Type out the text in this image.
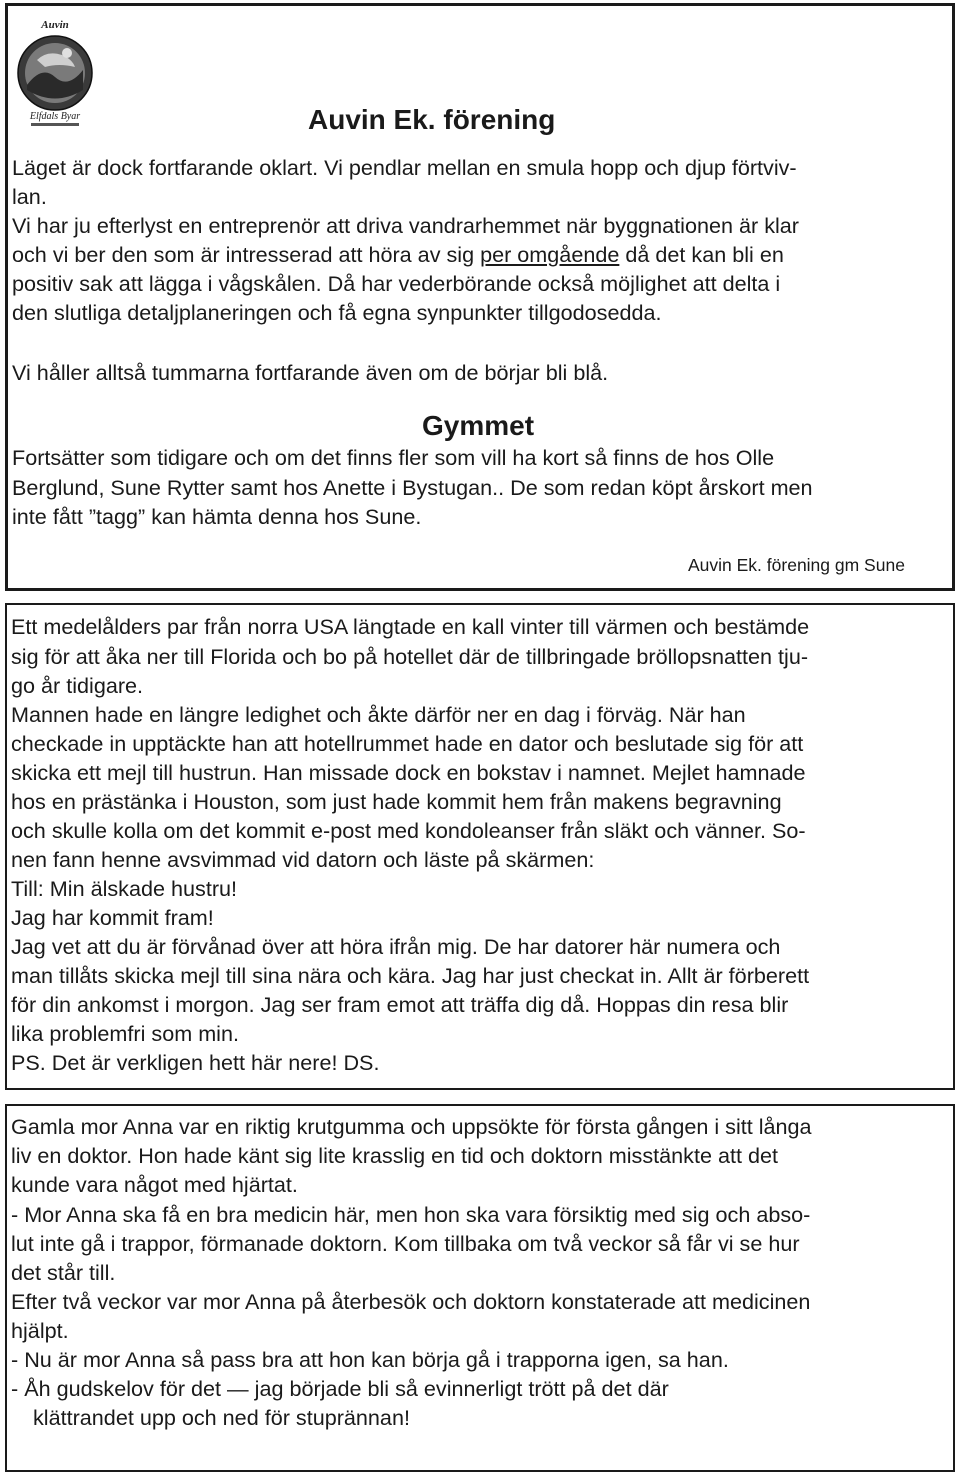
Auvin
Elfdals Byar	Auvin Ek. förening

Läget är dock fortfarande oklart. Vi pendlar mellan en smula hopp och djup förtviv-

lan.

Vi har ju efterlyst en entreprenör att driva vandrarhemmet när byggnationen är klar

och vi ber den som är intresserad att höra av sig per omgående då det kan bli en

positiv sak att lägga i vågskålen. Då har vederbörande också möjlighet att delta i

den slutliga detaljplaneringen och få egna synpunkter tillgodosedda.

Vi håller alltså tummarna fortfarande även om de börjar bli blå.

Gymmet

Fortsätter som tidigare och om det finns fler som vill ha kort så finns de hos Olle

Berglund, Sune Rytter samt hos Anette i Bystugan.. De som redan köpt årskort men

inte fått ”tagg” kan hämta denna hos Sune.

Auvin Ek. förening gm Sune

Ett medelålders par från norra USA längtade en kall vinter till värmen och bestämde

sig för att åka ner till Florida och bo på hotellet där de tillbringade bröllopsnatten tju-

go år tidigare.

Mannen hade en längre ledighet och åkte därför ner en dag i förväg. När han

checkade in upptäckte han att hotellrummet hade en dator och beslutade sig för att

skicka ett mejl till hustrun. Han missade dock en bokstav i namnet. Mejlet hamnade

hos en prästänka i Houston, som just hade kommit hem från makens begravning

och skulle kolla om det kommit e-post med kondoleanser från släkt och vänner. So-

nen fann henne avsvimmad vid datorn och läste på skärmen:

Till: Min älskade hustru!

Jag har kommit fram!

Jag vet att du är förvånad över att höra ifrån mig. De har datorer här numera och

man tillåts skicka mejl till sina nära och kära. Jag har just checkat in. Allt är förberett

för din ankomst i morgon. Jag ser fram emot att träffa dig då. Hoppas din resa blir

lika problemfri som min.

PS. Det är verkligen hett här nere! DS.

Gamla mor Anna var en riktig krutgumma och uppsökte för första gången i sitt långa

liv en doktor. Hon hade känt sig lite krasslig en tid och doktorn misstänkte att det

kunde vara något med hjärtat.

- Mor Anna ska få en bra medicin här, men hon ska vara försiktig med sig och abso-

lut inte gå i trappor, förmanade doktorn. Kom tillbaka om två veckor så får vi se hur

det står till.

Efter två veckor var mor Anna på återbesök och doktorn konstaterade att medicinen

hjälpt.

- Nu är mor Anna så pass bra att hon kan börja gå i trapporna igen, sa han.

- Åh gudskelov för det — jag började bli så evinnerligt trött på det där

klättrandet upp och ned för stuprännan!
